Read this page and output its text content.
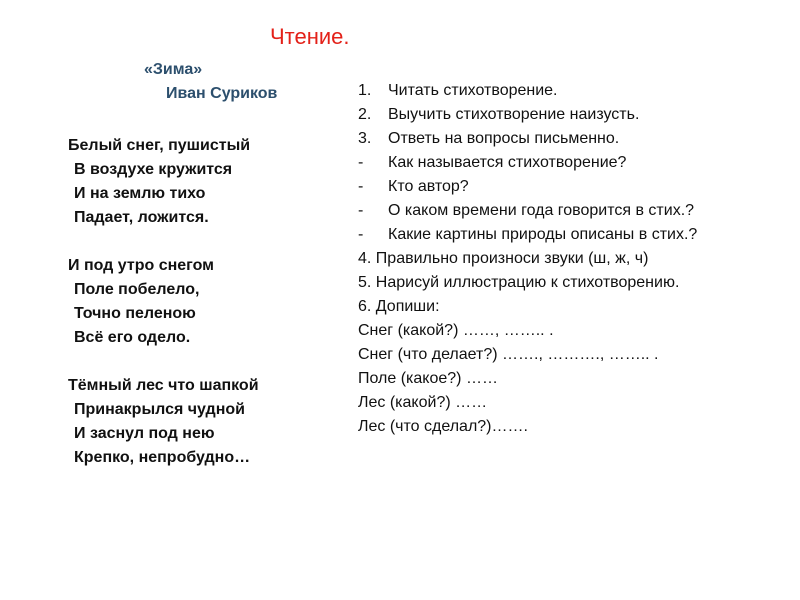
Чтение.
«Зима»
Иван Суриков
Белый снег, пушистый
В воздухе кружится
И на землю тихо
Падает, ложится.
И под утро снегом
Поле побелело,
Точно пеленою
Всё его одело.
Тёмный лес что шапкой
Принакрылся чудной
И заснул под нею
Крепко, непробудно…
1.	Читать стихотворение.
2.	Выучить стихотворение наизусть.
3.	Ответь на вопросы письменно.
-	Как называется стихотворение?
-	Кто автор?
-	О каком времени года говорится в стих.?
-	Какие картины природы описаны в стих.?
4. Правильно произноси звуки (ш, ж, ч)
5. Нарисуй иллюстрацию к стихотворению.
6. Допиши:
Снег (какой?) ……, …….. .
Снег (что делает?) ……., ………., …….. .
Поле (какое?) ……
Лес (какой?) ……
Лес (что сделал?)…….
